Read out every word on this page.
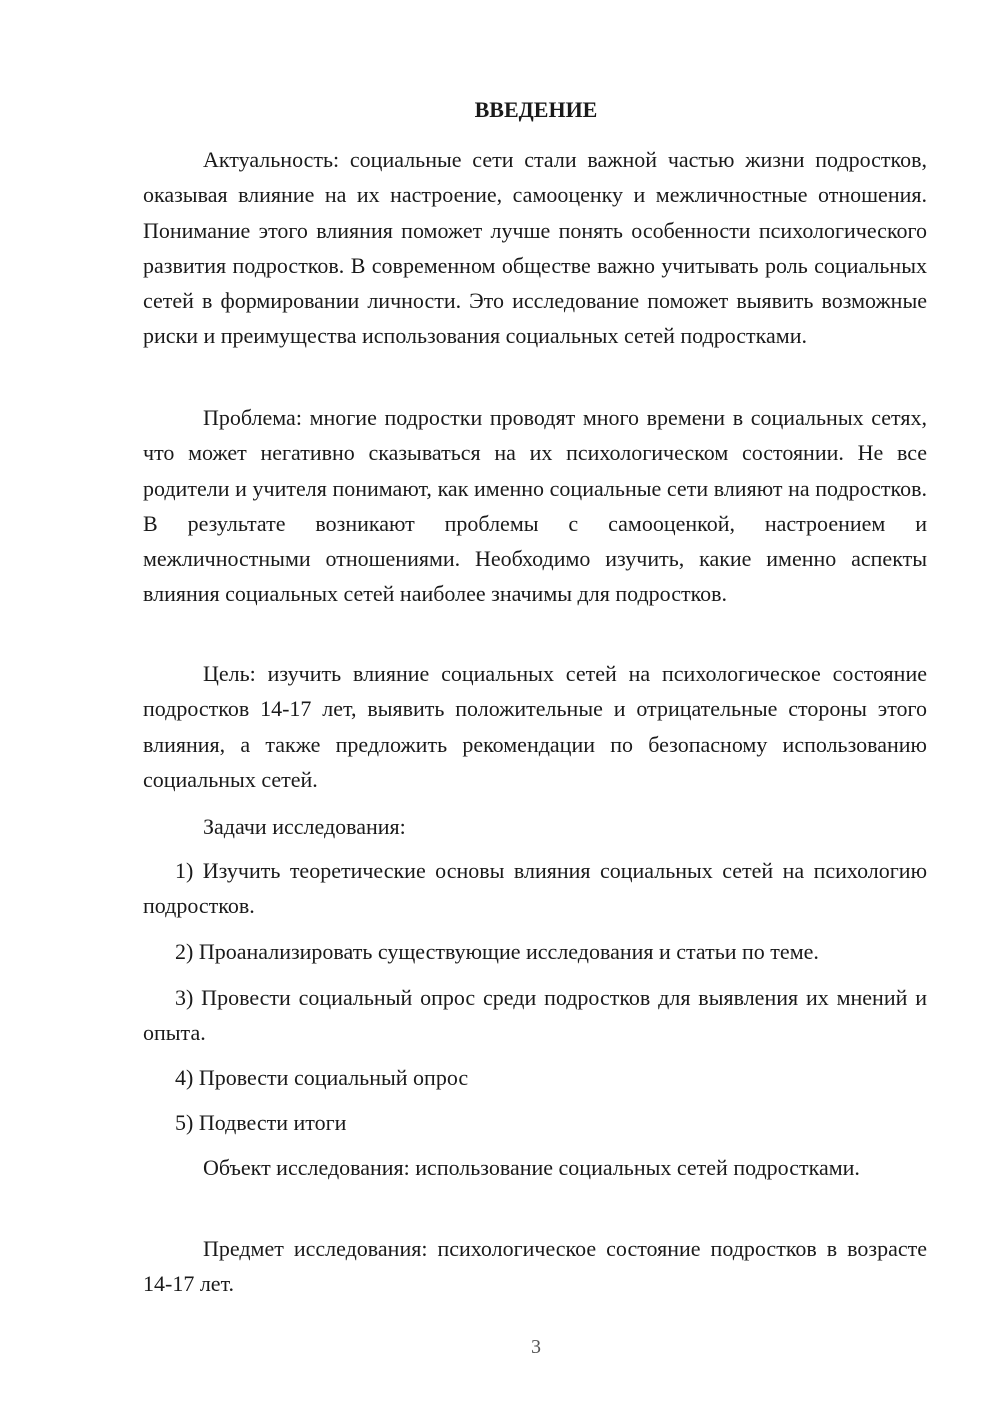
ВВЕДЕНИЕ

Актуальность: социальные сети стали важной частью жизни подростков, оказывая влияние на их настроение, самооценку и межличностные отношения. Понимание этого влияния поможет лучше понять особенности психологического развития подростков. В современном обществе важно учитывать роль социальных сетей в формировании личности. Это исследование поможет выявить возможные риски и преимущества использования социальных сетей подростками.

Проблема: многие подростки проводят много времени в социальных сетях, что может негативно сказываться на их психологическом состоянии. Не все родители и учителя понимают, как именно социальные сети влияют на подростков. В результате возникают проблемы с самооценкой, настроением и межличностными отношениями. Необходимо изучить, какие именно аспекты влияния социальных сетей наиболее значимы для подростков.

Цель: изучить влияние социальных сетей на психологическое состояние подростков 14-17 лет, выявить положительные и отрицательные стороны этого влияния, а также предложить рекомендации по безопасному использованию социальных сетей.

Задачи исследования:

1) Изучить теоретические основы влияния социальных сетей на психологию подростков.

2) Проанализировать существующие исследования и статьи по теме.

3) Провести социальный опрос среди подростков для выявления их мнений и опыта.

4) Провести социальный опрос

5) Подвести итоги

Объект исследования: использование социальных сетей подростками.

Предмет исследования: психологическое состояние подростков в возрасте 14-17 лет.

3
